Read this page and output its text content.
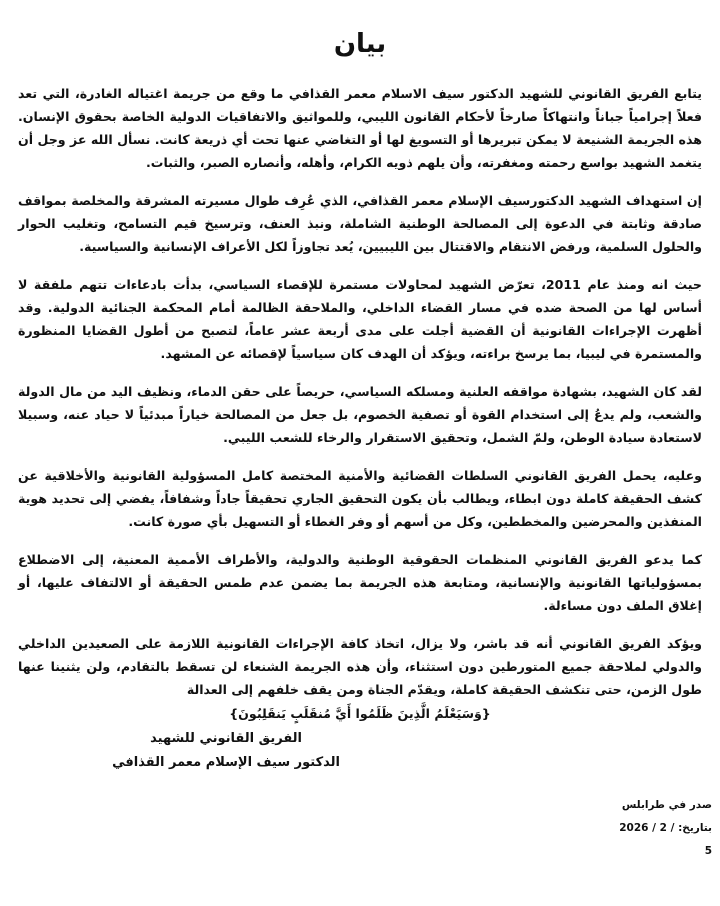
بيان

يتابع الفريق القانوني للشهيد الدكتور سيف الاسلام معمر القذافي ما وقع من جريمة اغتياله الغادرة، التي تعد فعلاً إجرامياً جباناً وانتهاكاً صارخاً لأحكام القانون الليبي، وللمواثيق والاتفاقيات الدولية الخاصة بحقوق الإنسان. هذه الجريمة الشنيعة لا يمكن تبريرها أو التسويغ لها أو التغاضي عنها تحت أي ذريعة كانت. نسأل الله عز وجل أن يتغمد الشهيد بواسع رحمته ومغفرته، وأن يلهم ذويه الكرام، وأهله، وأنصاره الصبر، والثبات.

إن استهداف الشهيد الدكتورسيف الإسلام معمر القذافي، الذي عُرِف طوال مسيرته المشرقة والمخلصة بمواقف صادقة وثابتة في الدعوة إلى المصالحة الوطنية الشاملة، ونبذ العنف، وترسيخ قيم التسامح، وتغليب الحوار والحلول السلمية، ورفض الانتقام والاقتتال بين الليبيين، يُعد تجاوزاً لكل الأعراف الإنسانية والسياسية.

حيث انه ومنذ عام 2011، تعرّض الشهيد لمحاولات مستمرة للإقصاء السياسي، بدأت بادعاءات تتهم ملفقة لا أساس لها من الصحة ضده في مسار القضاء الداخلي، والملاحقة الظالمة أمام المحكمة الجنائية الدولية. وقد أظهرت الإجراءات القانونية أن القضية أجلت على مدى أربعة عشر عاماً، لتصبح من أطول القضايا المنظورة والمستمرة في ليبيا، بما يرسخ براءته، ويؤكد أن الهدف كان سياسياً لإقصائه عن المشهد.

لقد كان الشهيد، بشهادة مواقفه العلنية ومسلكه السياسي، حريصاً على حقن الدماء، ونظيف اليد من مال الدولة والشعب، ولم يدعُ إلى استخدام القوة أو تصفية الخصوم، بل جعل من المصالحة خياراً مبدئياً لا حياد عنه، وسبيلا لاستعادة سيادة الوطن، ولمّ الشمل، وتحقيق الاستقرار والرخاء للشعب الليبي.

وعليه، يحمل الفريق القانوني السلطات القضائية والأمنية المختصة كامل المسؤولية القانونية والأخلاقية عن كشف الحقيقة كاملة دون ابطاء، ويطالب بأن يكون التحقيق الجاري تحقيقاً جاداً وشفافاً، يفضي إلى تحديد هوية المنفذين والمحرضين والمخططين، وكل من أسهم أو وفر الغطاء أو التسهيل بأي صورة كانت.

كما يدعو الفريق القانوني المنظمات الحقوقية الوطنية والدولية، والأطراف الأممية المعنية، إلى الاضطلاع بمسؤولياتها القانونية والإنسانية، ومتابعة هذه الجريمة بما يضمن عدم طمس الحقيقة أو الالتفاف عليها، أو إغلاق الملف دون مساءلة.

ويؤكد الفريق القانوني أنه قد باشر، ولا يزال، اتخاذ كافة الإجراءات القانونية اللازمة على الصعيدين الداخلي والدولي لملاحقة جميع المتورطين دون استثناء، وأن هذه الجريمة الشنعاء لن تسقط بالتقادم، ولن يثنينا عنها طول الزمن، حتى تنكشف الحقيقة كاملة، ويقدّم الجناة ومن يقف خلفهم إلى العدالة

{وَسَيَعْلَمُ الَّذِينَ ظَلَمُوا أَيَّ مُنقَلَبٍ يَنقَلِبُونَ}

الفريق القانوني للشهيد
الدكتور سيف الإسلام معمر القذافي
صدر في طرابلس
بتاريخ: 2026 / 2 / 5
